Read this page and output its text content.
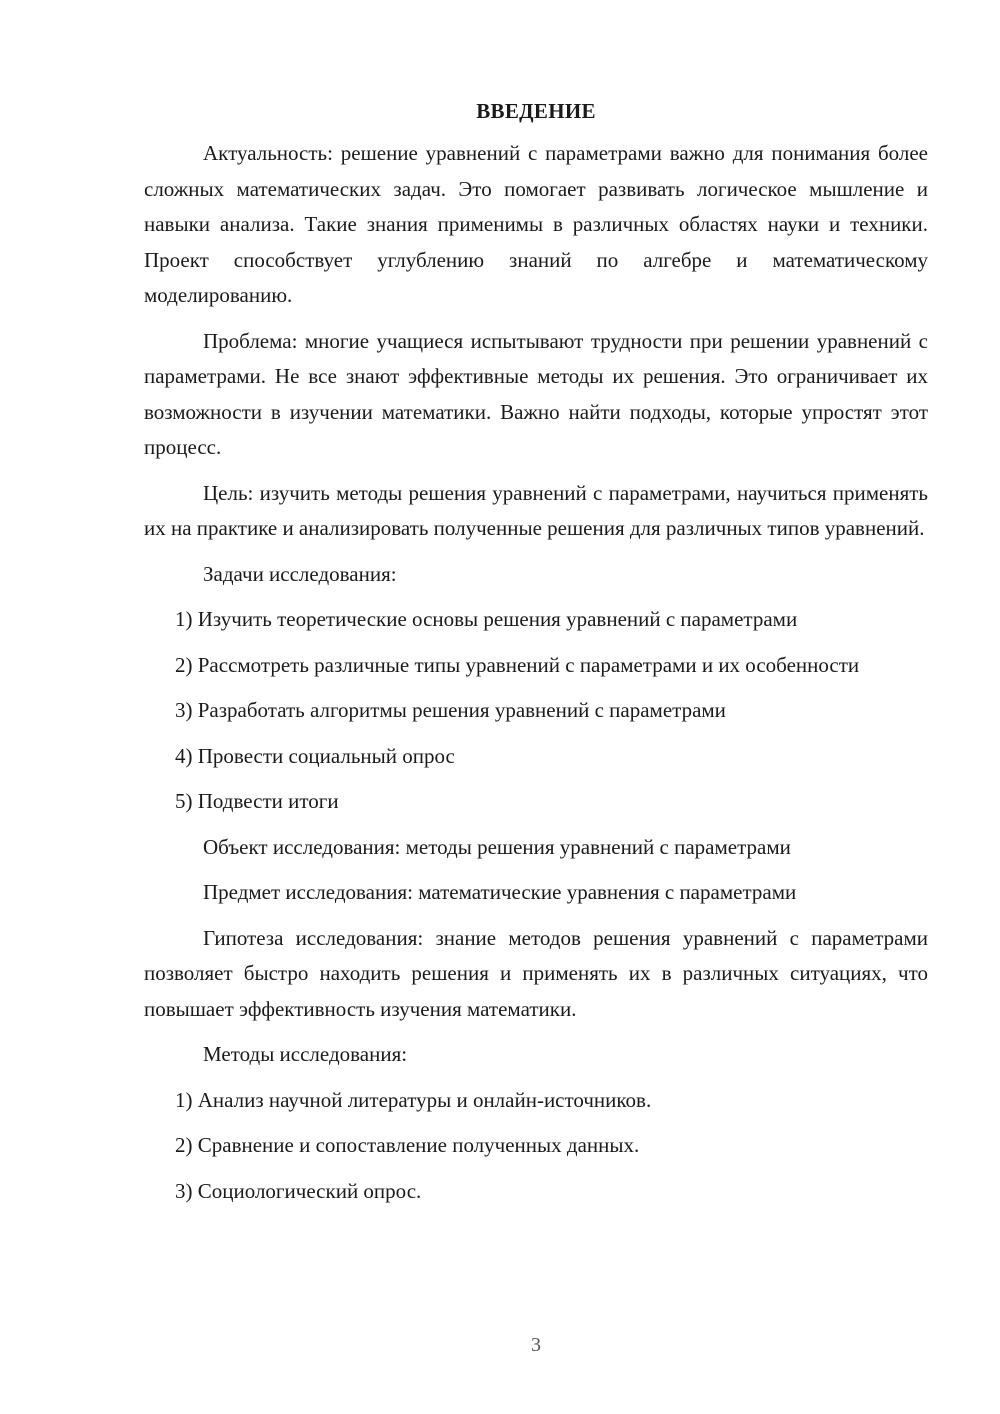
ВВЕДЕНИЕ

Актуальность: решение уравнений с параметрами важно для понимания более сложных математических задач. Это помогает развивать логическое мышление и навыки анализа. Такие знания применимы в различных областях науки и техники. Проект способствует углублению знаний по алгебре и математическому моделированию.

Проблема: многие учащиеся испытывают трудности при решении уравнений с параметрами. Не все знают эффективные методы их решения. Это ограничивает их возможности в изучении математики. Важно найти подходы, которые упростят этот процесс.

Цель: изучить методы решения уравнений с параметрами, научиться применять их на практике и анализировать полученные решения для различных типов уравнений.

Задачи исследования:

1) Изучить теоретические основы решения уравнений с параметрами

2) Рассмотреть различные типы уравнений с параметрами и их особенности

3) Разработать алгоритмы решения уравнений с параметрами

4) Провести социальный опрос

5) Подвести итоги

Объект исследования: методы решения уравнений с параметрами

Предмет исследования: математические уравнения с параметрами

Гипотеза исследования: знание методов решения уравнений с параметрами позволяет быстро находить решения и применять их в различных ситуациях, что повышает эффективность изучения математики.

Методы исследования:

1) Анализ научной литературы и онлайн-источников.

2) Сравнение и сопоставление полученных данных.

3) Социологический опрос.

3
